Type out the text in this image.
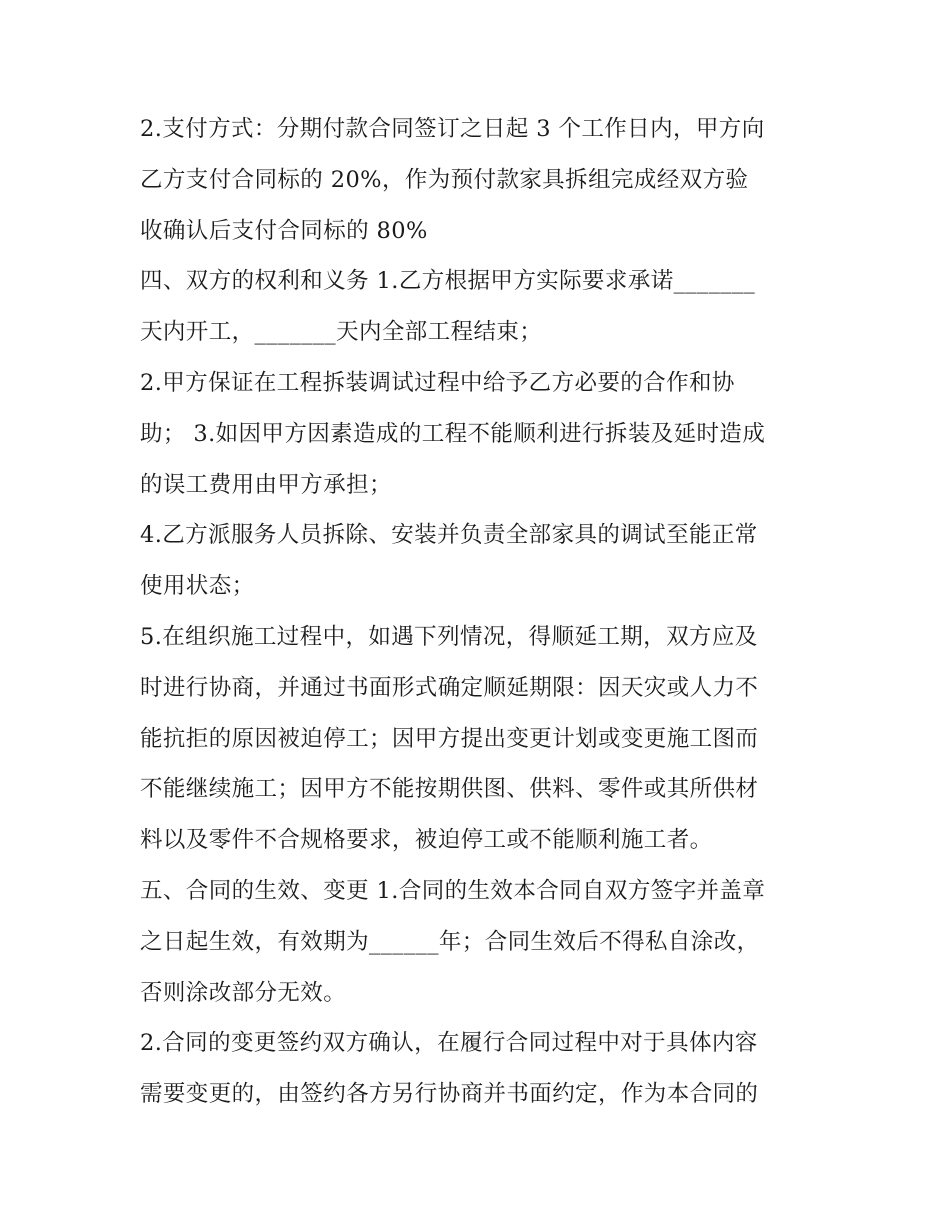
2.支付方式：分期付款合同签订之日起 3 个工作日内，甲方向
乙方支付合同标的 20%，作为预付款家具拆组完成经双方验
收确认后支付合同标的 80%
四、双方的权利和义务 1.乙方根据甲方实际要求承诺_______
天内开工，_______天内全部工程结束；
2.甲方保证在工程拆装调试过程中给予乙方必要的合作和协
助； 3.如因甲方因素造成的工程不能顺利进行拆装及延时造成
的误工费用由甲方承担；
4.乙方派服务人员拆除、安装并负责全部家具的调试至能正常
使用状态；
5.在组织施工过程中，如遇下列情况，得顺延工期，双方应及
时进行协商，并通过书面形式确定顺延期限：因天灾或人力不
能抗拒的原因被迫停工；因甲方提出变更计划或变更施工图而
不能继续施工；因甲方不能按期供图、供料、零件或其所供材
料以及零件不合规格要求，被迫停工或不能顺利施工者。
五、合同的生效、变更 1.合同的生效本合同自双方签字并盖章
之日起生效，有效期为______年；合同生效后不得私自涂改，
否则涂改部分无效。
2.合同的变更签约双方确认，在履行合同过程中对于具体内容
需要变更的，由签约各方另行协商并书面约定，作为本合同的
